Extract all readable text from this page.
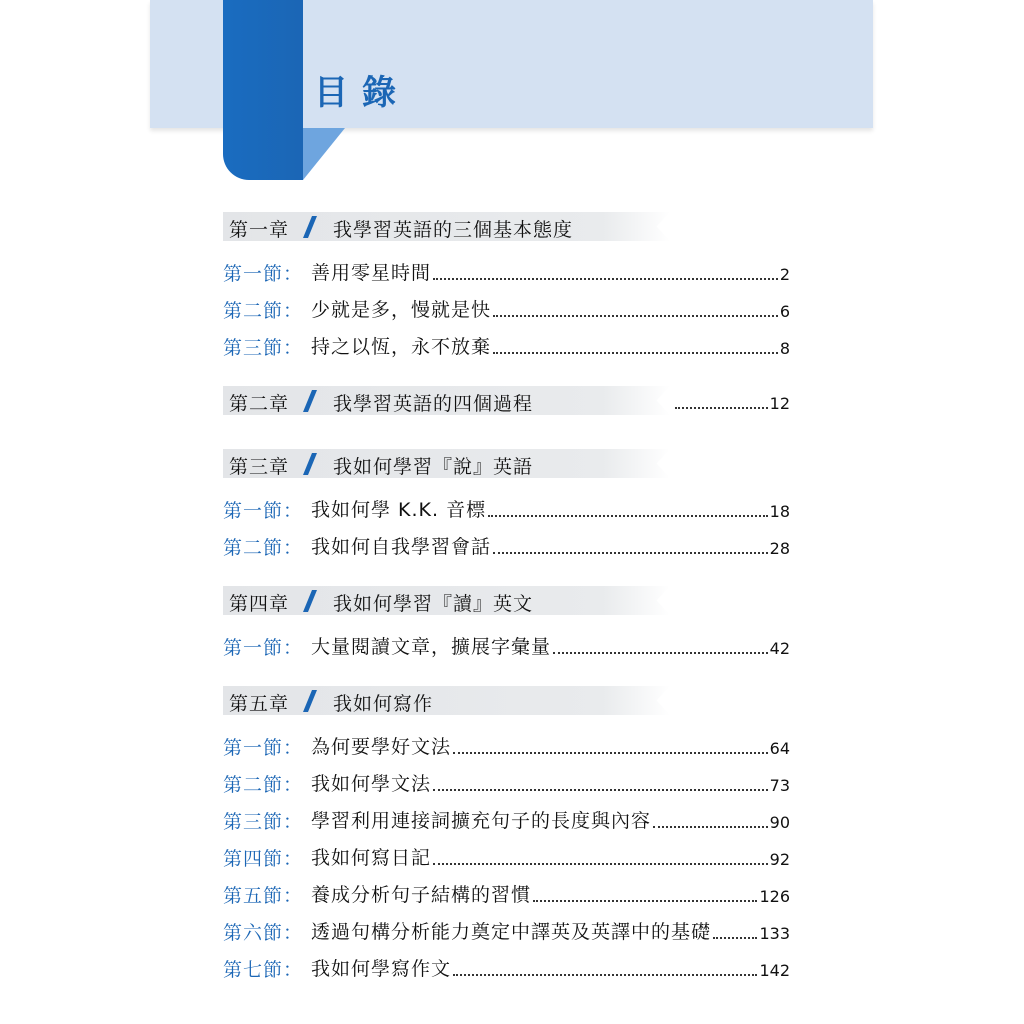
目錄
第一章 我學習英語的三個基本態度
第一節： 善用零星時間	2
第二節： 少就是多，慢就是快	6
第三節： 持之以恆，永不放棄	8
第二章 我學習英語的四個過程	12
第三章 我如何學習『說』英語
第一節： 我如何學 K.K. 音標	18
第二節： 我如何自我學習會話	28
第四章 我如何學習『讀』英文
第一節： 大量閱讀文章，擴展字彙量	42
第五章 我如何寫作
第一節： 為何要學好文法	64
第二節： 我如何學文法	73
第三節： 學習利用連接詞擴充句子的長度與內容	90
第四節： 我如何寫日記	92
第五節： 養成分析句子結構的習慣	126
第六節： 透過句構分析能力奠定中譯英及英譯中的基礎	133
第七節： 我如何學寫作文	142
